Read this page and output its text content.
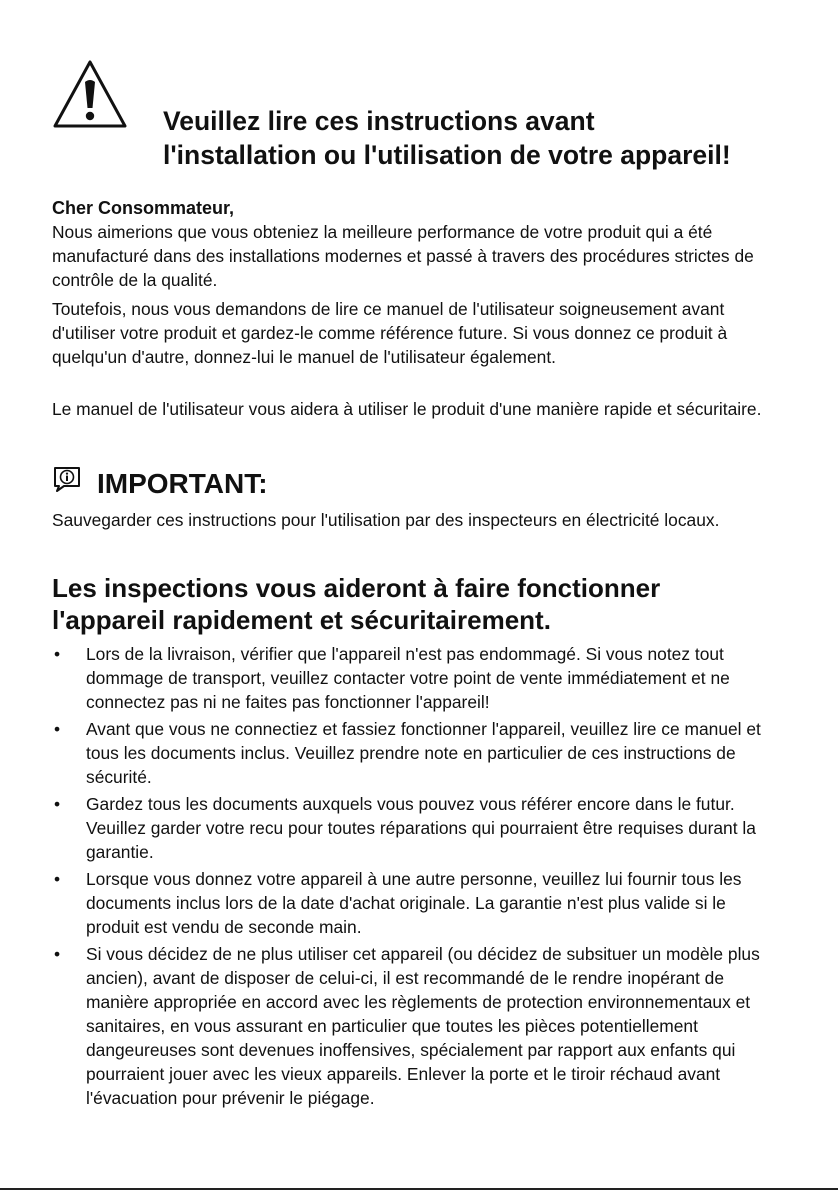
Veuillez lire ces instructions avant
l'installation ou l'utilisation de votre appareil!
Cher Consommateur,

Nous aimerions que vous obteniez la meilleure performance de votre produit qui a été manufacturé dans des installations modernes et passé à travers des procédures strictes de contrôle de la qualité.

Toutefois, nous vous demandons de lire ce manuel de l'utilisateur soigneusement avant d'utiliser votre produit et gardez-le comme référence future. Si vous donnez ce produit à quelqu'un d'autre, donnez-lui le manuel de l'utilisateur également.

Le manuel de l'utilisateur vous aidera à utiliser le produit d'une manière rapide et sécuritaire.

IMPORTANT:

Sauvegarder ces instructions pour l'utilisation par des inspecteurs en électricité locaux.

Les inspections vous aideront à faire fonctionner
l'appareil rapidement et sécuritairement.
• Lors de la livraison, vérifier que l'appareil n'est pas endommagé. Si vous notez tout dommage de transport, veuillez contacter votre point de vente immédiatement et ne connectez pas ni ne faites pas fonctionner l'appareil!
• Avant que vous ne connectiez et fassiez fonctionner l'appareil, veuillez lire ce manuel et tous les documents inclus. Veuillez prendre note en particulier de ces instructions de sécurité.
• Gardez tous les documents auxquels vous pouvez vous référer encore dans le futur. Veuillez garder votre recu pour toutes réparations qui pourraient être requises durant la garantie.
• Lorsque vous donnez votre appareil à une autre personne, veuillez lui fournir tous les documents inclus lors de la date d'achat originale. La garantie n'est plus valide si le produit est vendu de seconde main.
• Si vous décidez de ne plus utiliser cet appareil (ou décidez de subsituer un modèle plus ancien), avant de disposer de celui-ci, il est recommandé de le rendre inopérant de manière appropriée en accord avec les règlements de protection environnementaux et sanitaires, en vous assurant en particulier que toutes les pièces potentiellement dangeureuses sont devenues inoffensives, spécialement par rapport aux enfants qui pourraient jouer avec les vieux appareils. Enlever la porte et le tiroir réchaud avant l'évacuation pour prévenir le piégage.
